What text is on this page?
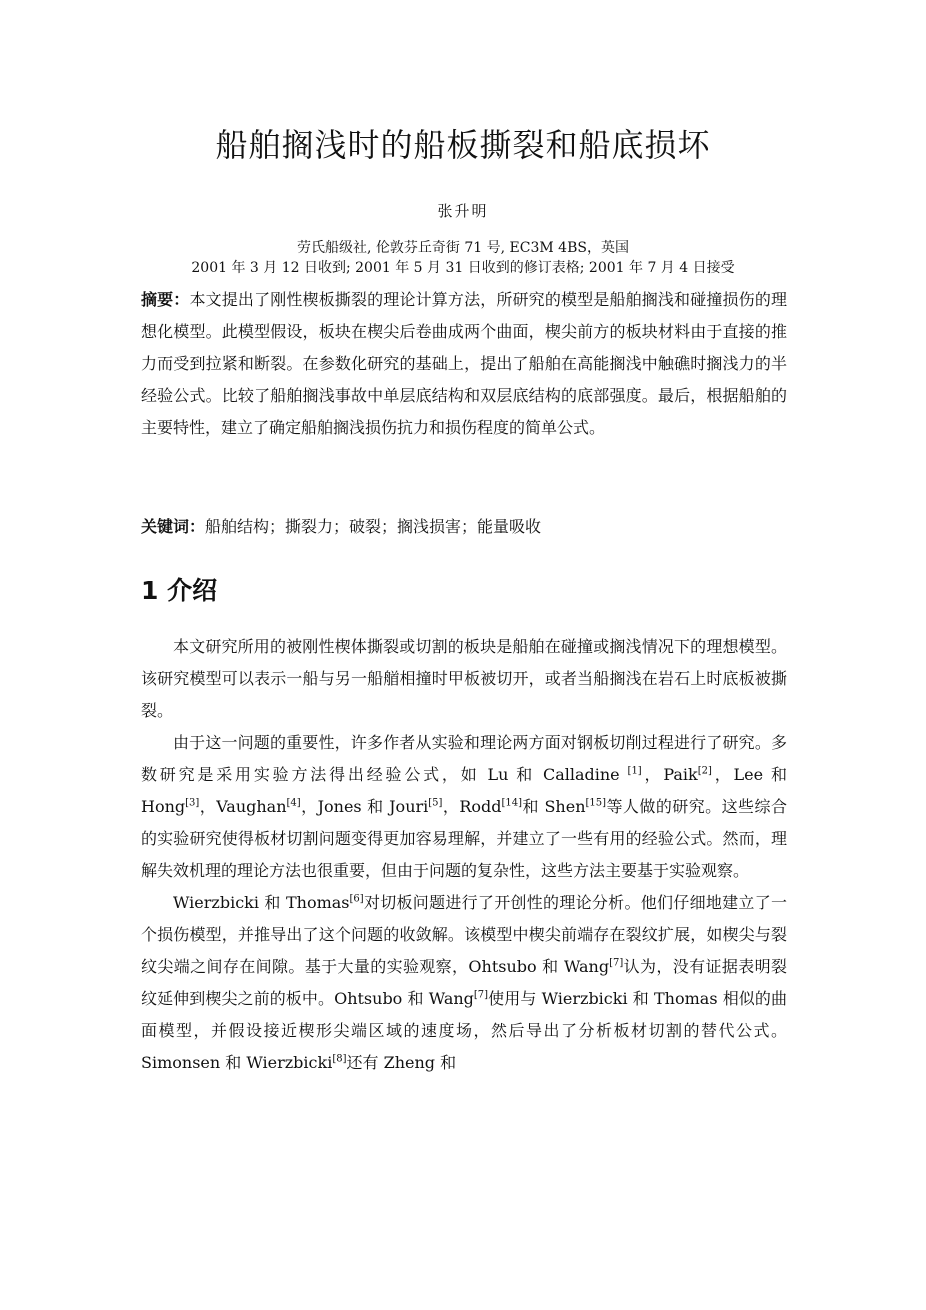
船舶搁浅时的船板撕裂和船底损坏
张升明
劳氏船级社, 伦敦芬丘奇街 71 号, EC3M 4BS，英国
2001 年 3 月 12 日收到; 2001 年 5 月 31 日收到的修订表格; 2001 年 7 月 4 日接受
摘要：本文提出了刚性楔板撕裂的理论计算方法，所研究的模型是船舶搁浅和碰撞损伤的理想化模型。此模型假设，板块在楔尖后卷曲成两个曲面，楔尖前方的板块材料由于直接的推力而受到拉紧和断裂。在参数化研究的基础上，提出了船舶在高能搁浅中触礁时搁浅力的半经验公式。比较了船舶搁浅事故中单层底结构和双层底结构的底部强度。最后，根据船舶的主要特性，建立了确定船舶搁浅损伤抗力和损伤程度的简单公式。
关键词：船舶结构；撕裂力；破裂；搁浅损害；能量吸收
1 介绍

本文研究所用的被刚性楔体撕裂或切割的板块是船舶在碰撞或搁浅情况下的理想模型。该研究模型可以表示一船与另一船艏相撞时甲板被切开，或者当船搁浅在岩石上时底板被撕裂。

由于这一问题的重要性，许多作者从实验和理论两方面对钢板切削过程进行了研究。多数研究是采用实验方法得出经验公式，如 Lu 和 Calladine [1]，Paik[2]，Lee 和 Hong[3]，Vaughan[4]，Jones 和 Jouri[5]，Rodd[14]和 Shen[15]等人做的研究。这些综合的实验研究使得板材切割问题变得更加容易理解，并建立了一些有用的经验公式。然而，理解失效机理的理论方法也很重要，但由于问题的复杂性，这些方法主要基于实验观察。

Wierzbicki 和 Thomas[6]对切板问题进行了开创性的理论分析。他们仔细地建立了一个损伤模型，并推导出了这个问题的收敛解。该模型中楔尖前端存在裂纹扩展，如楔尖与裂纹尖端之间存在间隙。基于大量的实验观察，Ohtsubo 和 Wang[7]认为，没有证据表明裂纹延伸到楔尖之前的板中。Ohtsubo 和 Wang[7]使用与 Wierzbicki 和 Thomas 相似的曲面模型，并假设接近楔形尖端区域的速度场，然后导出了分析板材切割的替代公式。Simonsen 和 Wierzbicki[8]还有 Zheng 和
